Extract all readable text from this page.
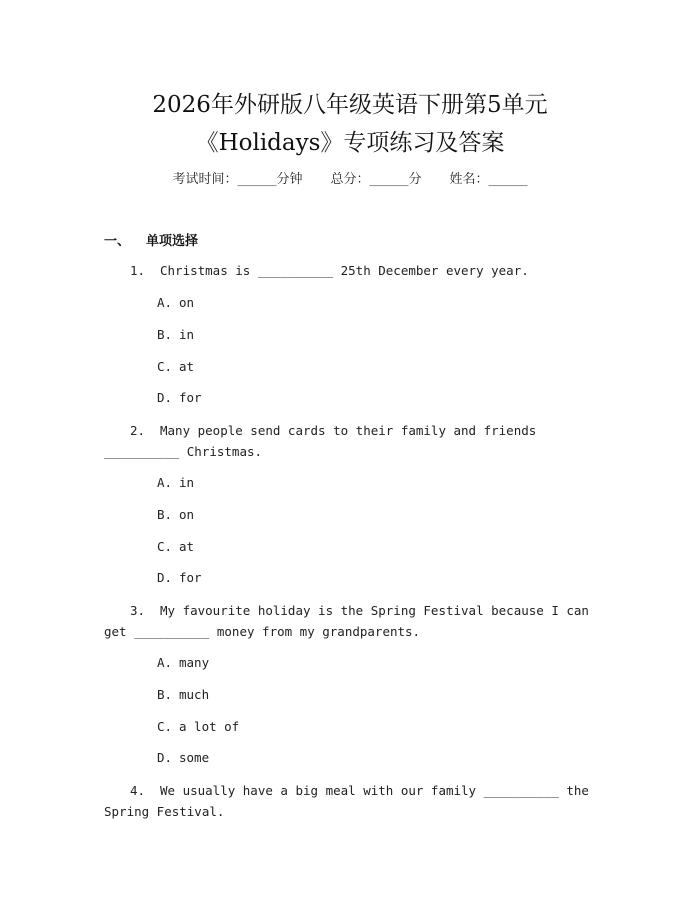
2026年外研版八年级英语下册第5单元
《Holidays》专项练习及答案
考试时间：______分钟 总分：______分 姓名：______
一、 单项选择
1. Christmas is __________ 25th December every year.
A. on
B. in
C. at
D. for
2. Many people send cards to their family and friends __________ Christmas.
A. in
B. on
C. at
D. for
3. My favourite holiday is the Spring Festival because I can get __________ money from my grandparents.
A. many
B. much
C. a lot of
D. some
4. We usually have a big meal with our family __________ the Spring Festival.
